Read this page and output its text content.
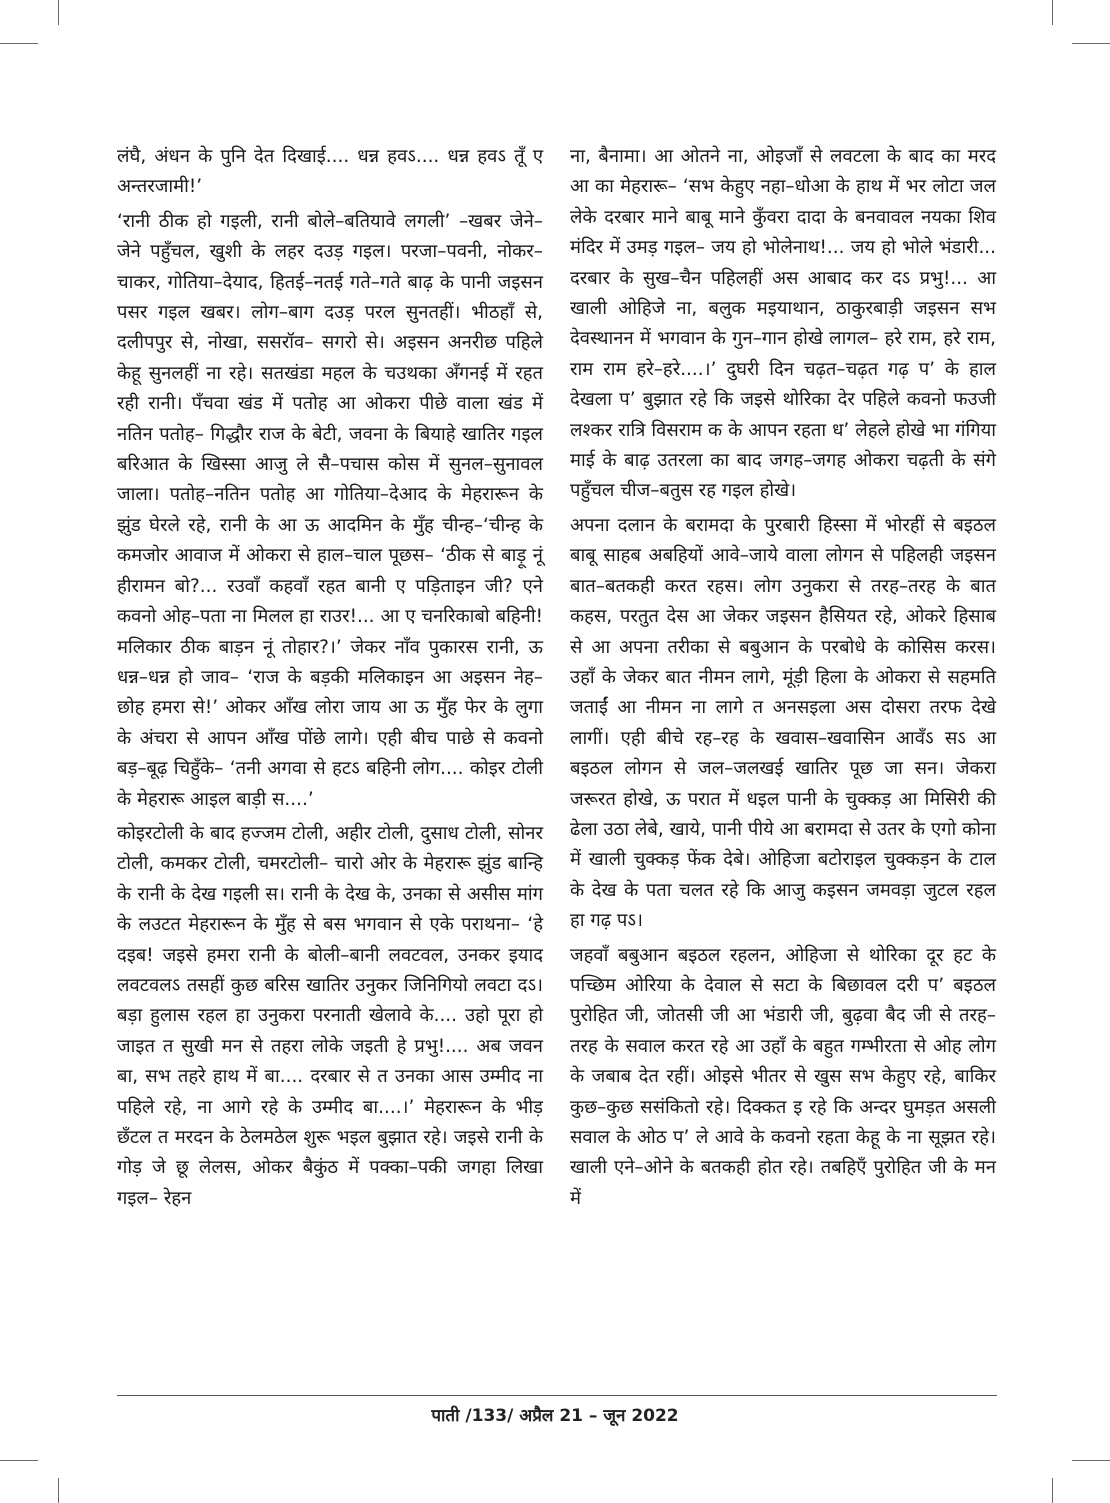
लंघै, अंधन के पुनि देत दिखाई.... धन्न हवऽ.... धन्न हवऽ तूँ ए अन्तरजामी!’

‘रानी ठीक हो गइली, रानी बोले–बतियावे लगली’ –खबर जेने–जेने पहुँचल, खुशी के लहर दउड़ गइल। परजा–पवनी, नोकर–चाकर, गोतिया–देयाद, हितई–नतई गते–गते बाढ़ के पानी जइसन पसर गइल खबर। लोग–बाग दउड़ परल सुनतहीं। भीठहाँ से, दलीपपुर से, नोखा, ससरॉव– सगरो से। अइसन अनरीछ पहिले केहू सुनलहीं ना रहे। सतखंडा महल के चउथका अँगनई में रहत रही रानी। पँचवा खंड में पतोह आ ओकरा पीछे वाला खंड में नतिन पतोह– गिद्धौर राज के बेटी, जवना के बियाहे खातिर गइल बरिआत के खिस्सा आजु ले सै–पचास कोस में सुनल–सुनावल जाला। पतोह–नतिन पतोह आ गोतिया–देआद के मेहरारून के झुंड घेरले रहे, रानी के आ ऊ आदमिन के मुँह चीन्ह–‘चीन्ह के कमजोर आवाज में ओकरा से हाल–चाल पूछस– ‘ठीक से बाड़ू नूं हीरामन बो?... रउवाँ कहवाँ रहत बानी ए पड़िताइन जी? एने कवनो ओह–पता ना मिलल हा राउर!... आ ए चनरिकाबो बहिनी! मलिकार ठीक बाड़न नूं तोहार?।’ जेकर नाँव पुकारस रानी, ऊ धन्न–धन्न हो जाव– ‘राज के बड़की मलिकाइन आ अइसन नेह–छोह हमरा से!’ ओकर आँख लोरा जाय आ ऊ मुँह फेर के लुगा के अंचरा से आपन आँख पोंछे लागे। एही बीच पाछे से कवनो बड़–बूढ़ चिहुँके– ‘तनी अगवा से हटऽ बहिनी लोग.... कोइर टोली के मेहरारू आइल बाड़ी स....’

कोइरटोली के बाद हज्जम टोली, अहीर टोली, दुसाध टोली, सोनर टोली, कमकर टोली, चमरटोली– चारो ओर के मेहरारू झुंड बान्हि के रानी के देख गइली स। रानी के देख के, उनका से असीस मांग के लउटत मेहरारून के मुँह से बस भगवान से एके पराथना– ‘हे दइब! जइसे हमरा रानी के बोली–बानी लवटवल, उनकर इयाद लवटवलऽ तसहीं कुछ बरिस खातिर उनुकर जिनिगियो लवटा दऽ। बड़ा हुलास रहल हा उनुकरा परनाती खेलावे के.... उहो पूरा हो जाइत त सुखी मन से तहरा लोके जइती हे प्रभु!.... अब जवन बा, सभ तहरे हाथ में बा.... दरबार से त उनका आस उम्मीद ना पहिले रहे, ना आगे रहे के उम्मीद बा....।’ मेहरारून के भीड़ छँटल त मरदन के ठेलमठेल शुरू भइल बुझात रहे। जइसे रानी के गोड़ जे छू लेलस, ओकर बैकुंठ में पक्का–पकी जगहा लिखा गइल– रेहन

ना, बैनामा। आ ओतने ना, ओइजाँ से लवटला के बाद का मरद आ का मेहरारू– ‘सभ केहुए नहा–धोआ के हाथ में भर लोटा जल लेके दरबार माने बाबू माने कुँवरा दादा के बनवावल नयका शिव मंदिर में उमड़ गइल– जय हो भोलेनाथ!... जय हो भोले भंडारी... दरबार के सुख–चैन पहिलहीं अस आबाद कर दऽ प्रभु!... आ खाली ओहिजे ना, बलुक मइयाथान, ठाकुरबाड़ी जइसन सभ देवस्थानन में भगवान के गुन–गान होखे लागल– हरे राम, हरे राम, राम राम हरे–हरे....।’ दुघरी दिन चढ़त–चढ़त गढ़ प’ के हाल देखला प’ बुझात रहे कि जइसे थोरिका देर पहिले कवनो फउजी लश्कर रात्रि विसराम क के आपन रहता ध’ लेहले होखे भा गंगिया माई के बाढ़ उतरला का बाद जगह–जगह ओकरा चढ़ती के संगे पहुँचल चीज–बतुस रह गइल होखे।

अपना दलान के बरामदा के पुरबारी हिस्सा में भोरहीं से बइठल बाबू साहब अबहियों आवे–जाये वाला लोगन से पहिलही जइसन बात–बतकही करत रहस। लोग उनुकरा से तरह–तरह के बात कहस, परतुत देस आ जेकर जइसन हैसियत रहे, ओकरे हिसाब से आ अपना तरीका से बबुआन के परबोधे के कोसिस करस। उहाँ के जेकर बात नीमन लागे, मूंड़ी हिला के ओकरा से सहमति जताईं आ नीमन ना लागे त अनसइला अस दोसरा तरफ देखे लागीं। एही बीचे रह–रह के खवास–खवासिन आवँऽ सऽ आ बइठल लोगन से जल–जलखई खातिर पूछ जा सन। जेकरा जरूरत होखे, ऊ परात में धइल पानी के चुक्कड़ आ मिसिरी की ढेला उठा लेबे, खाये, पानी पीये आ बरामदा से उतर के एगो कोना में खाली चुक्कड़ फेंक देबे। ओहिजा बटोराइल चुक्कड़न के टाल के देख के पता चलत रहे कि आजु कइसन जमवड़ा जुटल रहल हा गढ़ पऽ।

जहवाँ बबुआन बइठल रहलन, ओहिजा से थोरिका दूर हट के पच्छिम ओरिया के देवाल से सटा के बिछावल दरी प’ बइठल पुरोहित जी, जोतसी जी आ भंडारी जी, बुढ़वा बैद जी से तरह–तरह के सवाल करत रहे आ उहाँ के बहुत गम्भीरता से ओह लोग के जबाब देत रहीं। ओइसे भीतर से खुस सभ केहुए रहे, बाकिर कुछ–कुछ ससंकितो रहे। दिक्कत इ रहे कि अन्दर घुमड़त असली सवाल के ओठ प’ ले आवे के कवनो रहता केहू के ना सूझत रहे। खाली एने–ओने के बतकही होत रहे। तबहिएँ पुरोहित जी के मन में

पाती /133/ अप्रैल 21 – जून 2022
